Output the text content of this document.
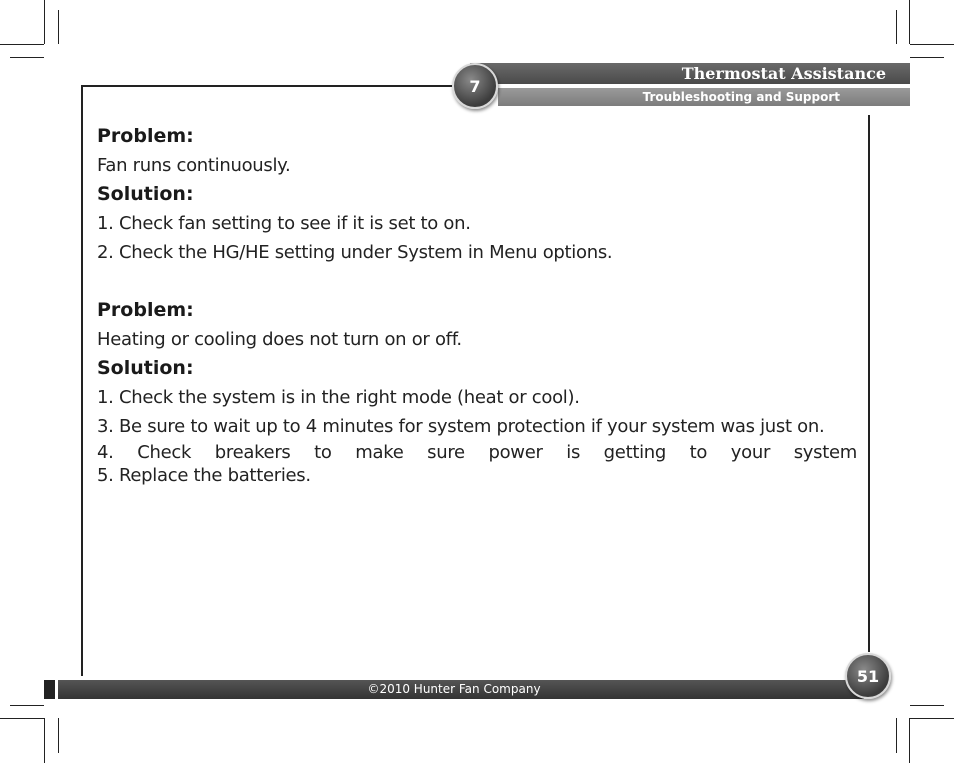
Thermostat Assistance
Troubleshooting and Support
7
Problem:
Fan runs continuously.
Solution:
1. Check fan setting to see if it is set to on.
2. Check the HG/HE setting under System in Menu options.
Problem:
Heating or cooling does not turn on or off.
Solution:
1. Check the system is in the right mode (heat or cool).
3. Be sure to wait up to 4 minutes for system protection if your system was just on.
4. Check breakers to make sure power is getting to your system
5. Replace the batteries.
©2010 Hunter Fan Company
51
